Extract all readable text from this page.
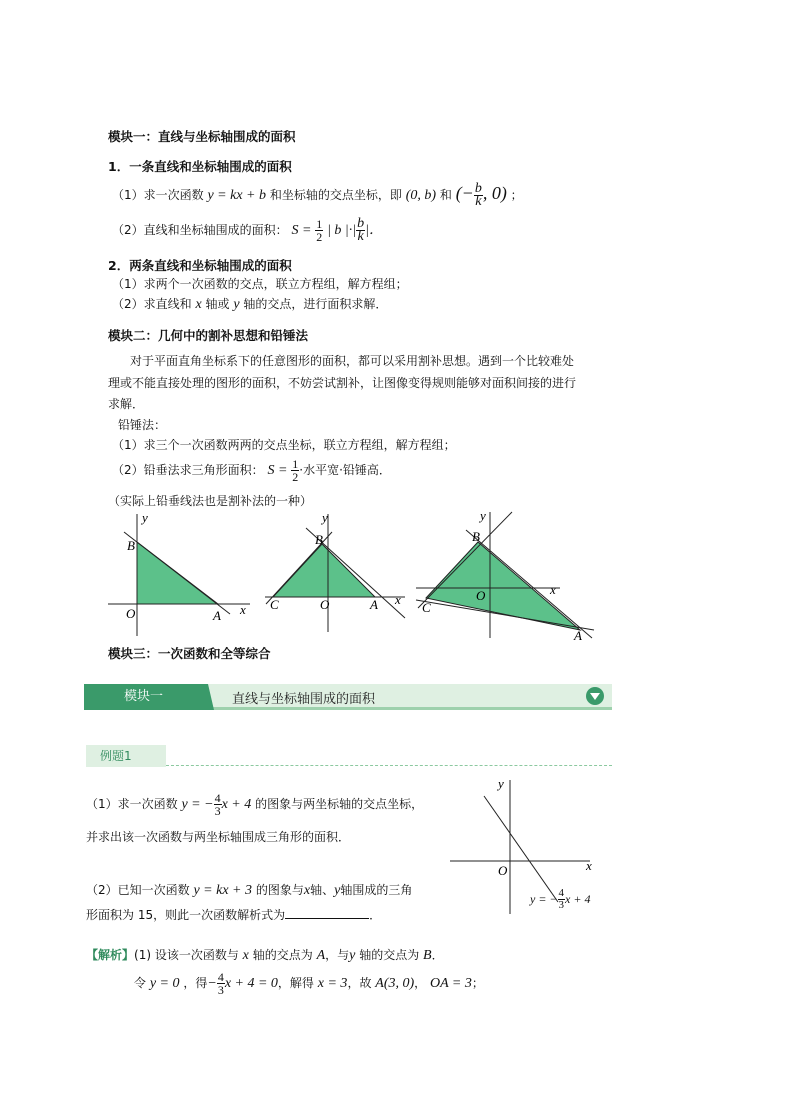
模块一：直线与坐标轴围成的面积
1．一条直线和坐标轴围成的面积
（1）求一次函数 y = kx + b 和坐标轴的交点坐标，即 (0, b) 和 (− $\frac{b}{k}$ , 0) ；
（2）直线和坐标轴围成的面积： $S = \frac{1}{2}$ | b |·| $\frac{b}{k}$ |．
2．两条直线和坐标轴围成的面积
（1）求两个一次函数的交点，联立方程组，解方程组；
（2）求直线和 x 轴或 y 轴的交点，进行面积求解．
模块二：几何中的割补思想和铅锤法
对于平面直角坐标系下的任意图形的面积，都可以采用割补思想。遇到一个比较难处
理或不能直接处理的图形的面积，不妨尝试割补，让图像变得规则能够对面积间接的进行
求解．
铅锤法：
（1）求三个一次函数两两的交点坐标，联立方程组，解方程组；
（2）铅垂法求三角形面积： $S = \frac{1}{2}$ ·水平宽·铅锤高．
（实际上铅垂线法也是割补法的一种）
x
y
B
O	A
x
y
B
C	O	A
x
y
B
C
O
A
模块三：一次函数和全等综合
模块一	直线与坐标轴围成的面积
例题1
（1）求一次函数 y = − $\frac{4}{3}$ x + 4 的图象与两坐标轴的交点坐标，
并求出该一次函数与两坐标轴围成三角形的面积．
（2）已知一次函数 y = kx + 3 的图象与x轴、y轴围成的三角
形面积为 15，则此一次函数解析式为	．
x
y
O
y = − $\frac{4}{3}$ x + 4
【解析】(1) 设该一次函数与 x 轴的交点为 A，与y 轴的交点为 B．
令 y = 0 ，得− $\frac{4}{3}$ x + 4 = 0，解得 x = 3，故 A(3, 0)， OA = 3；
